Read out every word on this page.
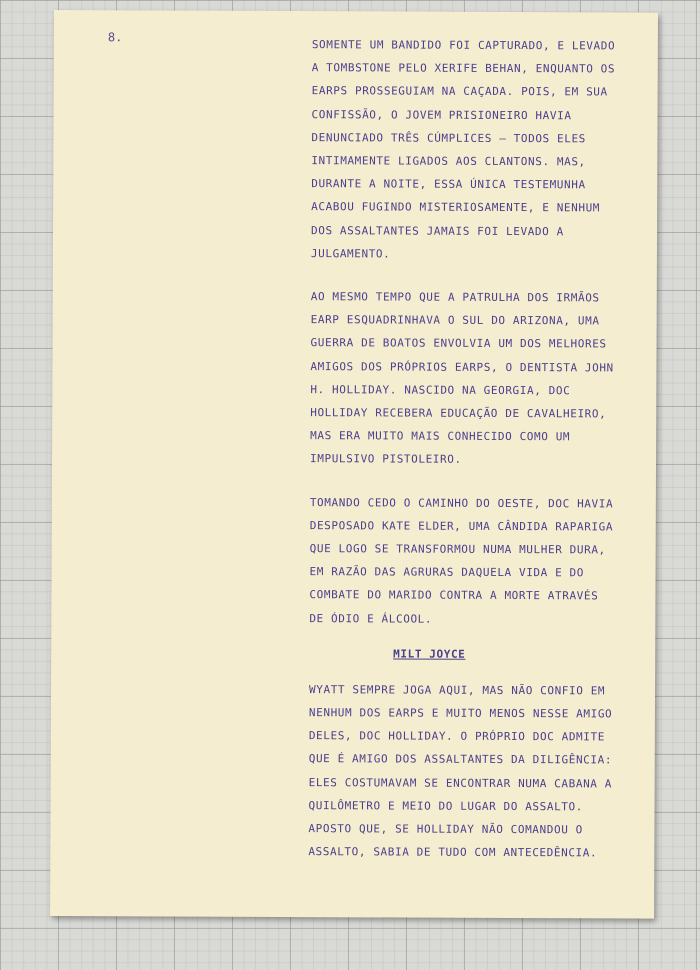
8.
SOMENTE UM BANDIDO FOI CAPTURADO, E LEVADO
A TOMBSTONE PELO XERIFE BEHAN, ENQUANTO OS
EARPS PROSSEGUIAM NA CAÇADA. POIS, EM SUA
CONFISSÃO, O JOVEM PRISIONEIRO HAVIA
DENUNCIADO TRÊS CÚMPLICES — TODOS ELES
INTIMAMENTE LIGADOS AOS CLANTONS. MAS,
DURANTE A NOITE, ESSA ÚNICA TESTEMUNHA
ACABOU FUGINDO MISTERIOSAMENTE, E NENHUM
DOS ASSALTANTES JAMAIS FOI LEVADO A
JULGAMENTO.
AO MESMO TEMPO QUE A PATRULHA DOS IRMÃOS
EARP ESQUADRINHAVA O SUL DO ARIZONA, UMA
GUERRA DE BOATOS ENVOLVIA UM DOS MELHORES
AMIGOS DOS PRÓPRIOS EARPS, O DENTISTA JOHN
H. HOLLIDAY. NASCIDO NA GEORGIA, DOC
HOLLIDAY RECEBERA EDUCAÇÃO DE CAVALHEIRO,
MAS ERA MUITO MAIS CONHECIDO COMO UM
IMPULSIVO PISTOLEIRO.
TOMANDO CEDO O CAMINHO DO OESTE, DOC HAVIA
DESPOSADO KATE ELDER, UMA CÂNDIDA RAPARIGA
QUE LOGO SE TRANSFORMOU NUMA MULHER DURA,
EM RAZÃO DAS AGRURAS DAQUELA VIDA E DO
COMBATE DO MARIDO CONTRA A MORTE ATRAVÉS
DE ÓDIO E ÁLCOOL.
MILT JOYCE
WYATT SEMPRE JOGA AQUI, MAS NÃO CONFIO EM
NENHUM DOS EARPS E MUITO MENOS NESSE AMIGO
DELES, DOC HOLLIDAY. O PRÓPRIO DOC ADMITE
QUE É AMIGO DOS ASSALTANTES DA DILIGÊNCIA:
ELES COSTUMAVAM SE ENCONTRAR NUMA CABANA A
QUILÔMETRO E MEIO DO LUGAR DO ASSALTO.
APOSTO QUE, SE HOLLIDAY NÃO COMANDOU O
ASSALTO, SABIA DE TUDO COM ANTECEDÊNCIA.
